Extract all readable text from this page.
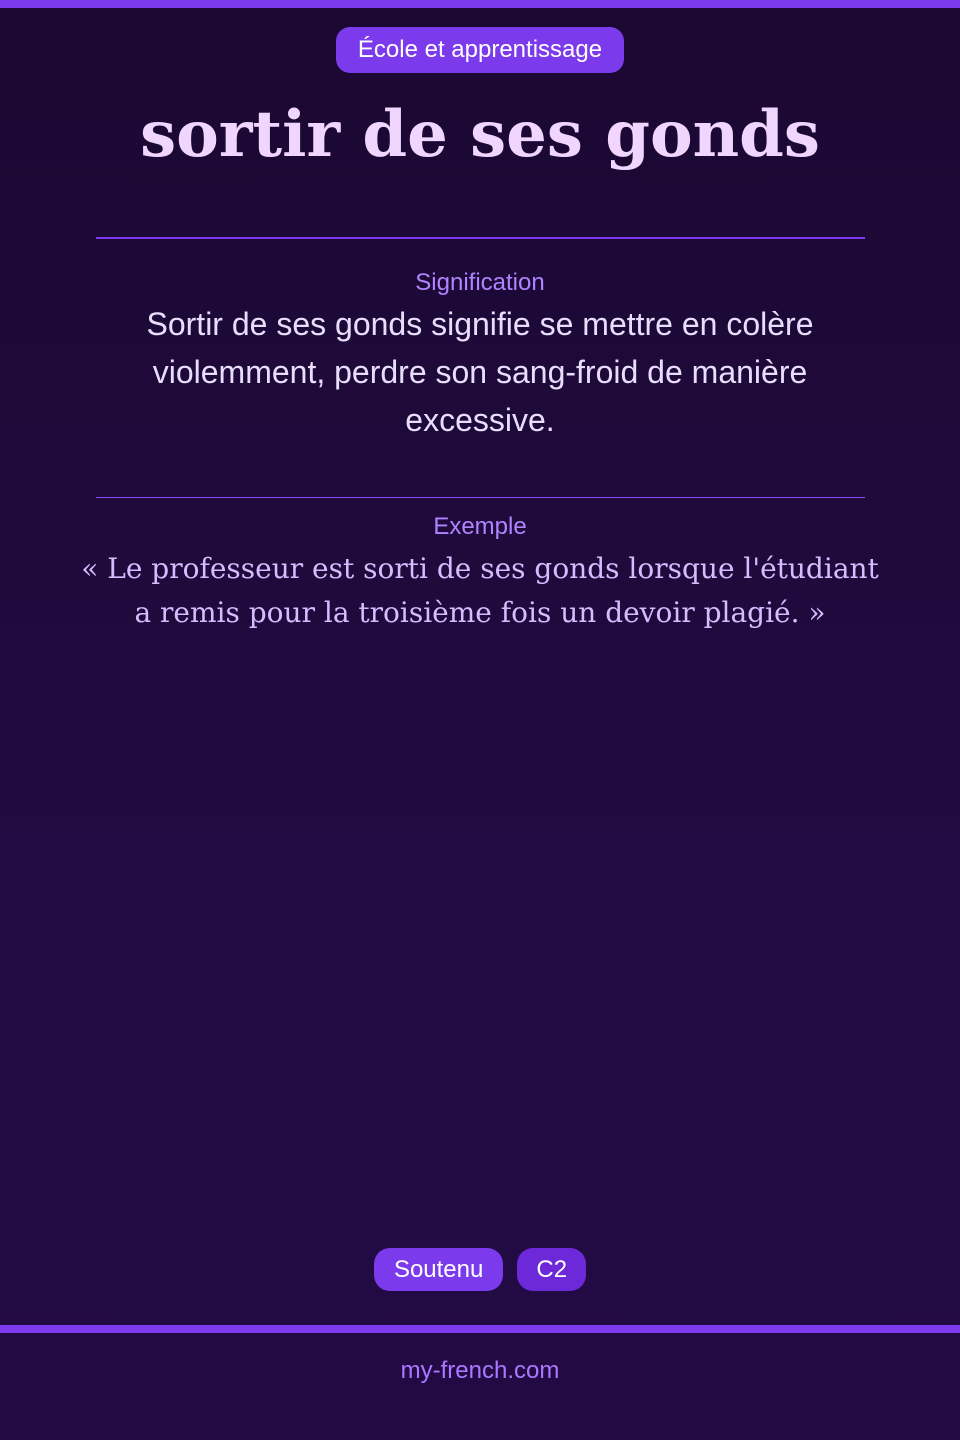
École et apprentissage
sortir de ses gonds
Signification
Sortir de ses gonds signifie se mettre en colère violemment, perdre son sang-froid de manière excessive.
Exemple
« Le professeur est sorti de ses gonds lorsque l'étudiant a remis pour la troisième fois un devoir plagié. »
Soutenu	C2
my-french.com
